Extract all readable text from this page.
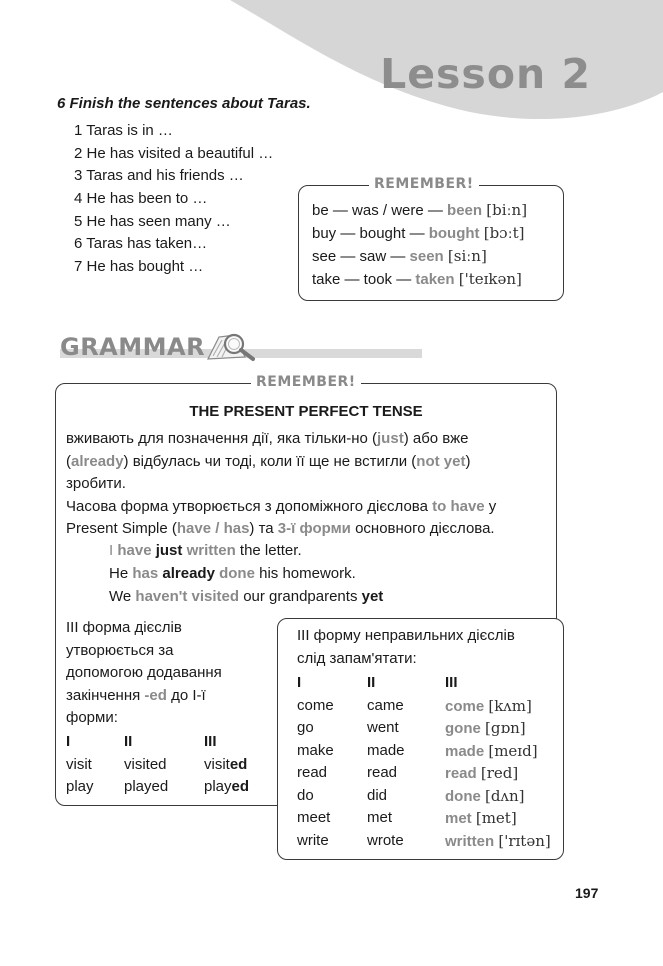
Lesson 2
6 Finish the sentences about Taras.
1 Taras is in …
2 He has visited a beautiful …
3 Taras and his friends …
4 He has been to …
5 He has seen many …
6 Taras has taken…
7 He has bought …
REMEMBER!
be — was / were — been [biːn]
buy — bought — bought [bɔːt]
see — saw — seen [siːn]
take — took — taken ['teɪkən]
GRAMMAR
REMEMBER!
THE PRESENT PERFECT TENSE
вживають для позначення дії, яка тільки-но (just) або вже
(already) відбулась чи тоді, коли її ще не встигли (not yet)
зробити.
Часова форма утворюється з допоміжного дієслова to have у
Present Simple (have / has) та 3-ї форми основного дієслова.
I have just written the letter.
He has already done his homework.
We haven't visited our grandparents yet
III форма дієслів
утворюється за
допомогою додавання
закінчення -ed до І-ї
форми:
I	II	III
visit visited visited
play played played
III форму неправильних дієслів
слід запам'ятати:
I	II	III
come came	come [kʌm]
go	went	gone [gɒn]
make made	made [meɪd]
read	read	read [red]
do	did	done [dʌn]
meet met	met [met]
write	wrote	written ['rɪtən]
197
